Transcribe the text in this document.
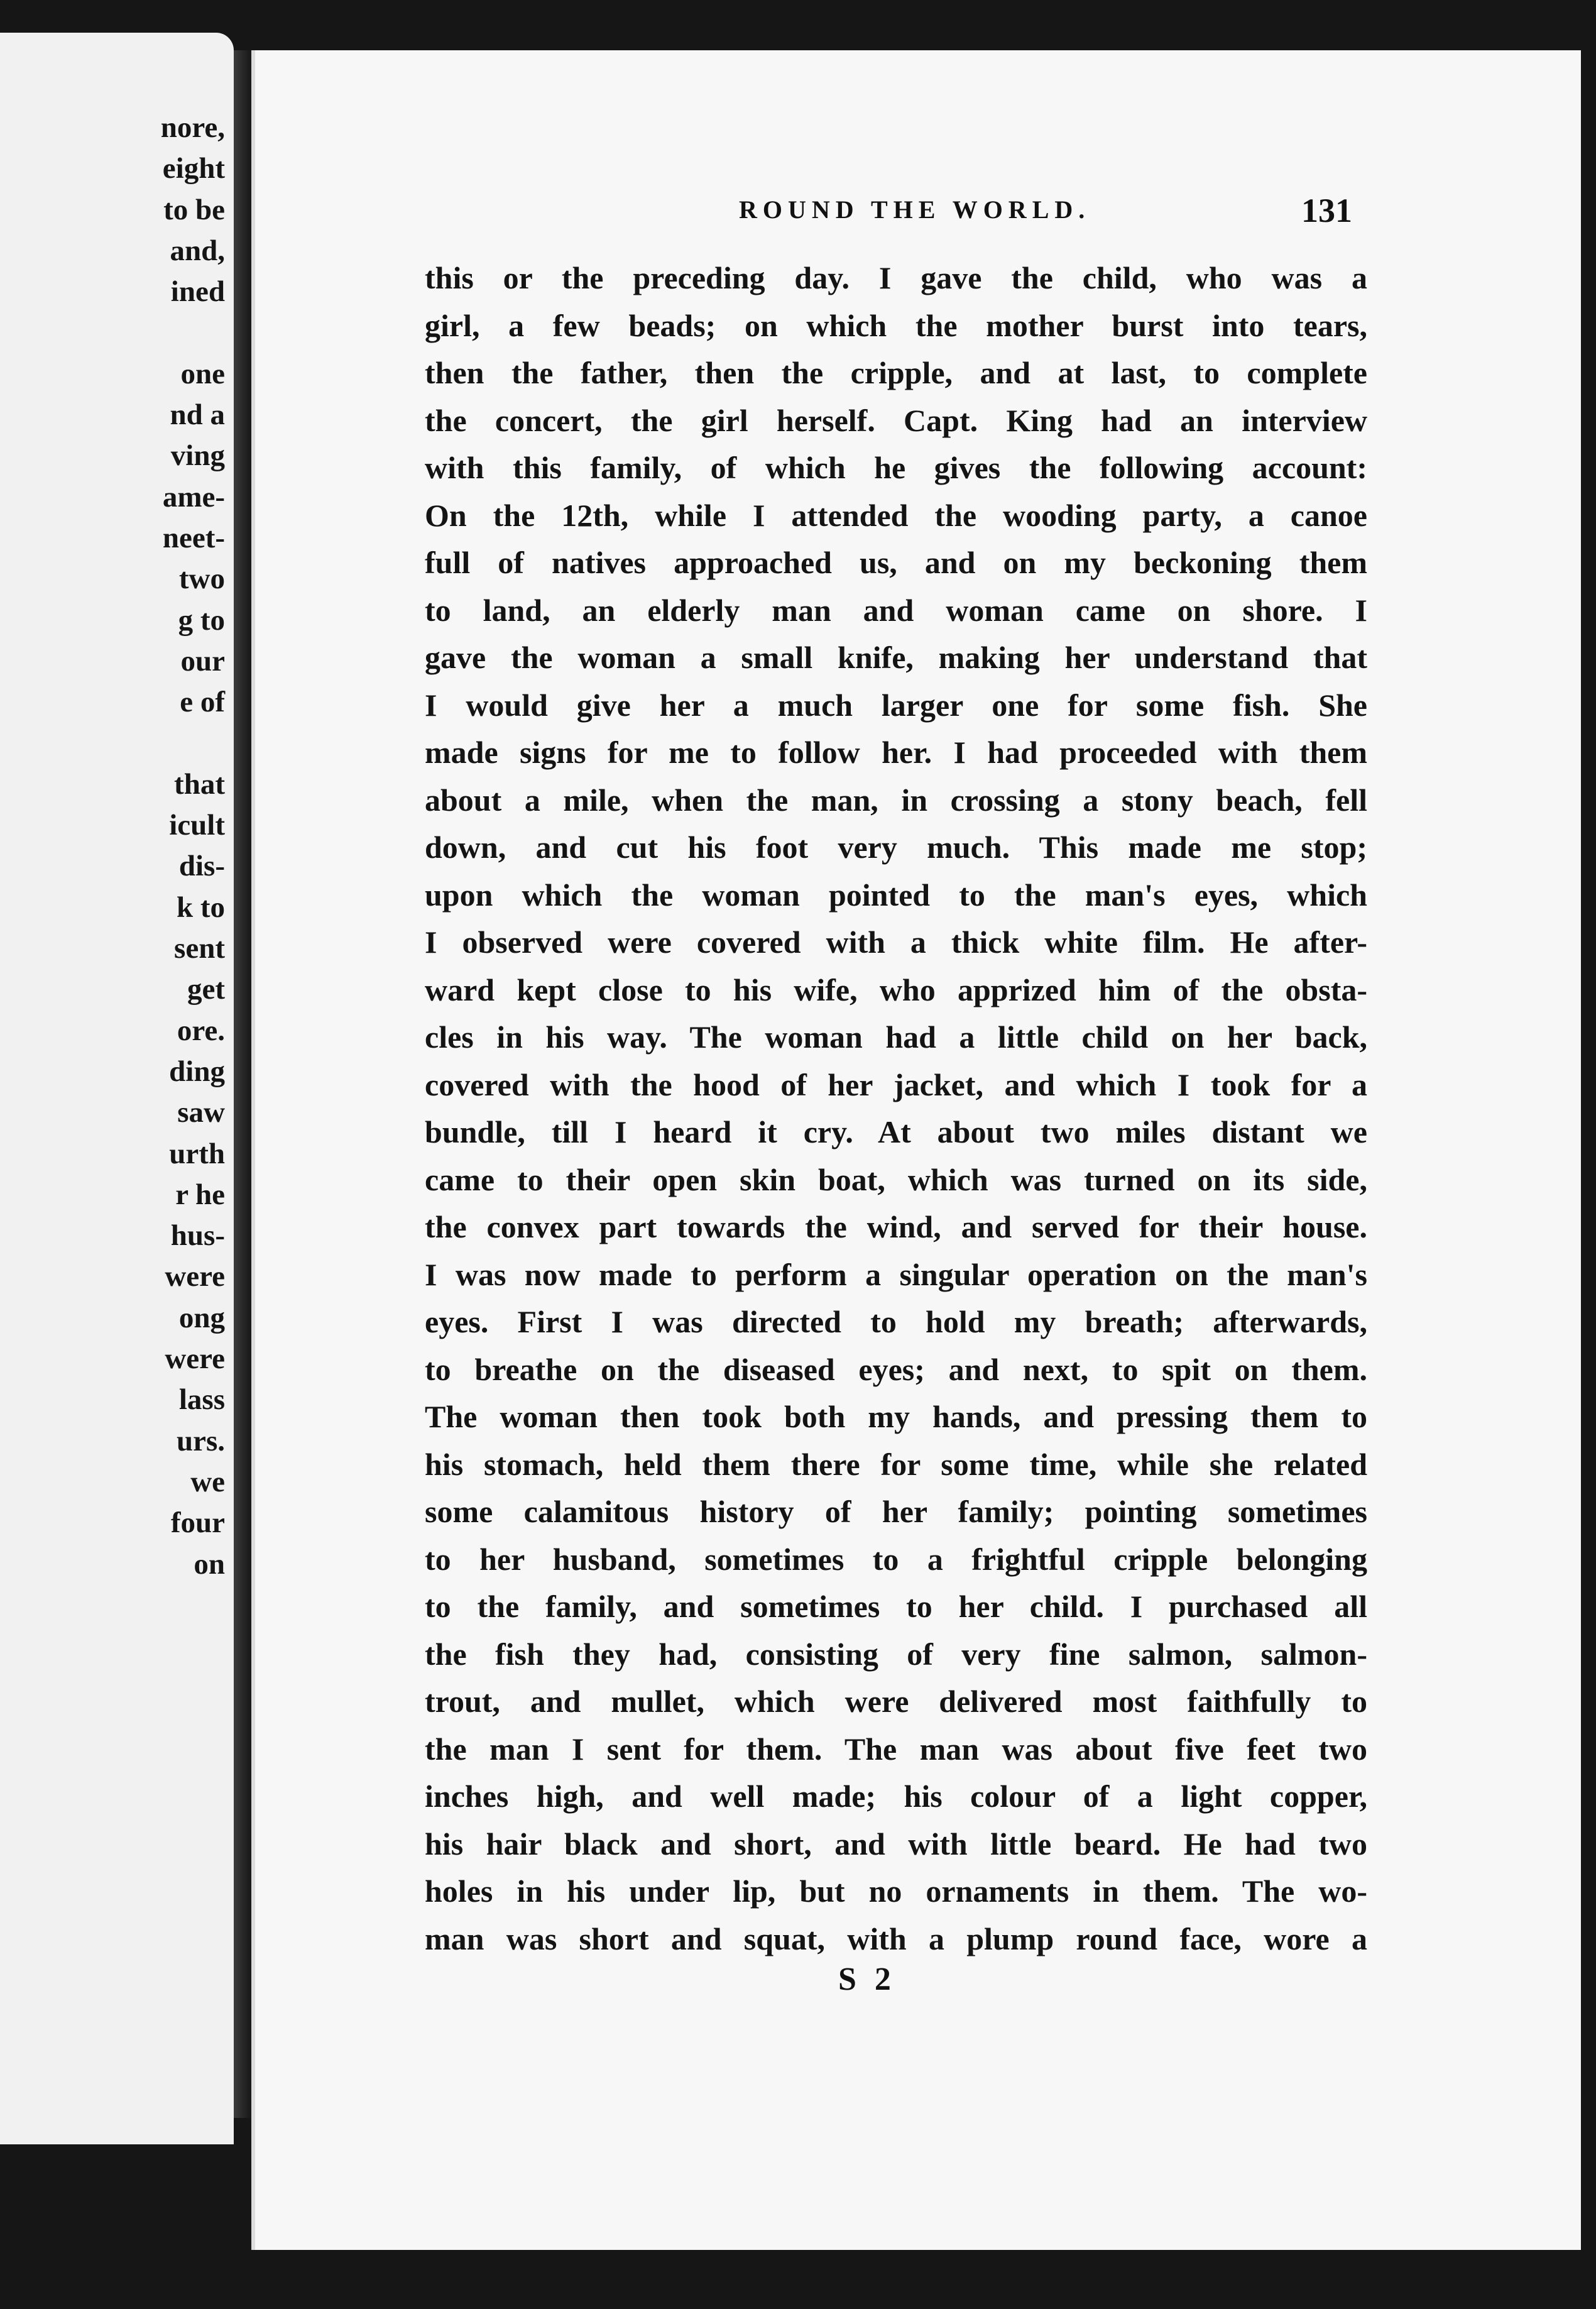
nore,
eight
to be
and,
ined
one
nd a
ving
ame-
neet-
two
g to
our
e of
that
icult
dis-
k to
sent
get
ore.
ding
saw
urth
r he
hus-
were
ong
were
lass
urs.
we
four
on
ROUND THE WORLD.	131
this or the preceding day. I gave the child, who was a
girl, a few beads; on which the mother burst into tears,
then the father, then the cripple, and at last, to complete
the concert, the girl herself. Capt. King had an interview
with this family, of which he gives the following account:
On the 12th, while I attended the wooding party, a canoe
full of natives approached us, and on my beckoning them
to land, an elderly man and woman came on shore. I
gave the woman a small knife, making her understand that
I would give her a much larger one for some fish. She
made signs for me to follow her. I had proceeded with them
about a mile, when the man, in crossing a stony beach, fell
down, and cut his foot very much. This made me stop;
upon which the woman pointed to the man's eyes, which
I observed were covered with a thick white film. He after-
ward kept close to his wife, who apprized him of the obsta-
cles in his way. The woman had a little child on her back,
covered with the hood of her jacket, and which I took for a
bundle, till I heard it cry. At about two miles distant we
came to their open skin boat, which was turned on its side,
the convex part towards the wind, and served for their house.
I was now made to perform a singular operation on the man's
eyes. First I was directed to hold my breath; afterwards,
to breathe on the diseased eyes; and next, to spit on them.
The woman then took both my hands, and pressing them to
his stomach, held them there for some time, while she related
some calamitous history of her family; pointing sometimes
to her husband, sometimes to a frightful cripple belonging
to the family, and sometimes to her child. I purchased all
the fish they had, consisting of very fine salmon, salmon-
trout, and mullet, which were delivered most faithfully to
the man I sent for them. The man was about five feet two
inches high, and well made; his colour of a light copper,
his hair black and short, and with little beard. He had two
holes in his under lip, but no ornaments in them. The wo-
man was short and squat, with a plump round face, wore a
S 2
